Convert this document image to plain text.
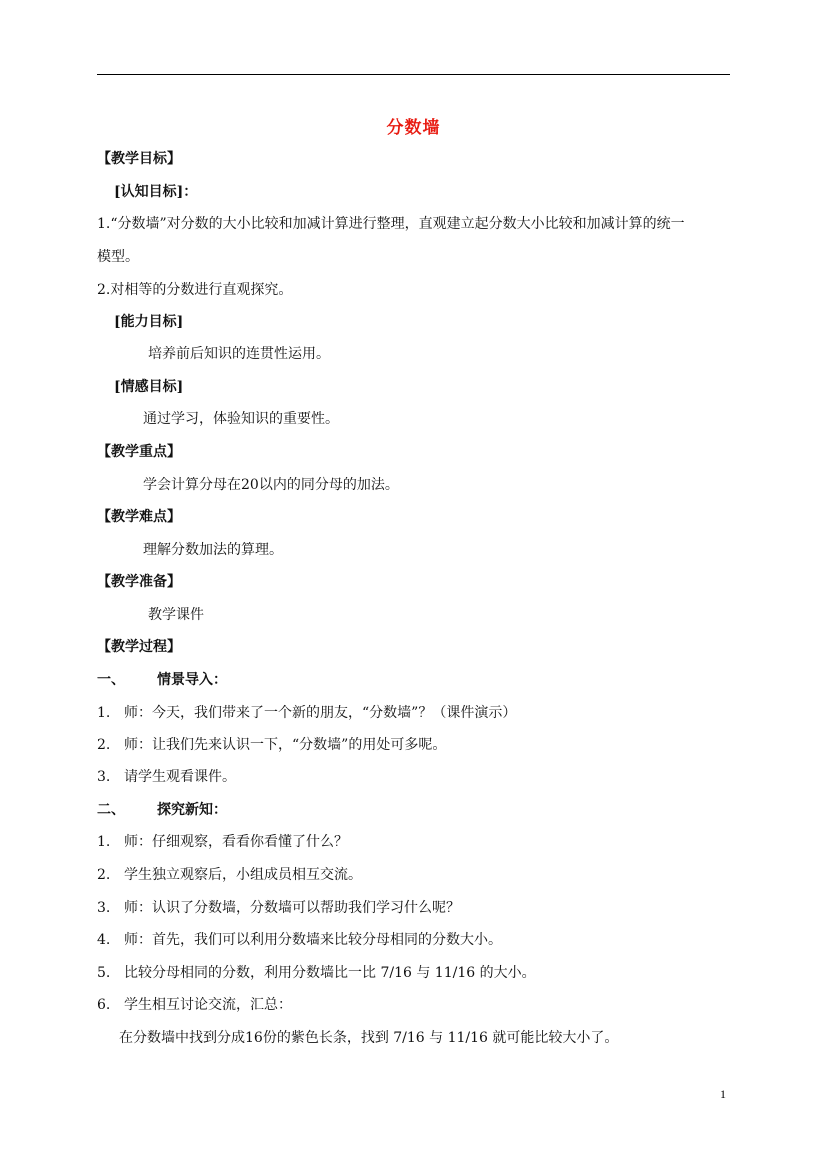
分数墙
【教学目标】
[认知目标]：
1.“分数墙”对分数的大小比较和加减计算进行整理，直观建立起分数大小比较和加减计算的统一
模型。
2.对相等的分数进行直观探究。
[能力目标]
培养前后知识的连贯性运用。
[情感目标]
通过学习，体验知识的重要性。
【教学重点】
学会计算分母在20以内的同分母的加法。
【教学难点】
理解分数加法的算理。
【教学准备】
教学课件
【教学过程】
一、 情景导入：
1. 师：今天，我们带来了一个新的朋友，“分数墙”？（课件演示）
2. 师：让我们先来认识一下，“分数墙”的用处可多呢。
3. 请学生观看课件。
二、 探究新知：
1. 师：仔细观察，看看你看懂了什么？
2. 学生独立观察后，小组成员相互交流。
3. 师：认识了分数墙，分数墙可以帮助我们学习什么呢？
4. 师：首先，我们可以利用分数墙来比较分母相同的分数大小。
5. 比较分母相同的分数，利用分数墙比一比 7/16 与 11/16 的大小。
6. 学生相互讨论交流，汇总：
在分数墙中找到分成16份的紫色长条，找到 7/16 与 11/16 就可能比较大小了。
1
